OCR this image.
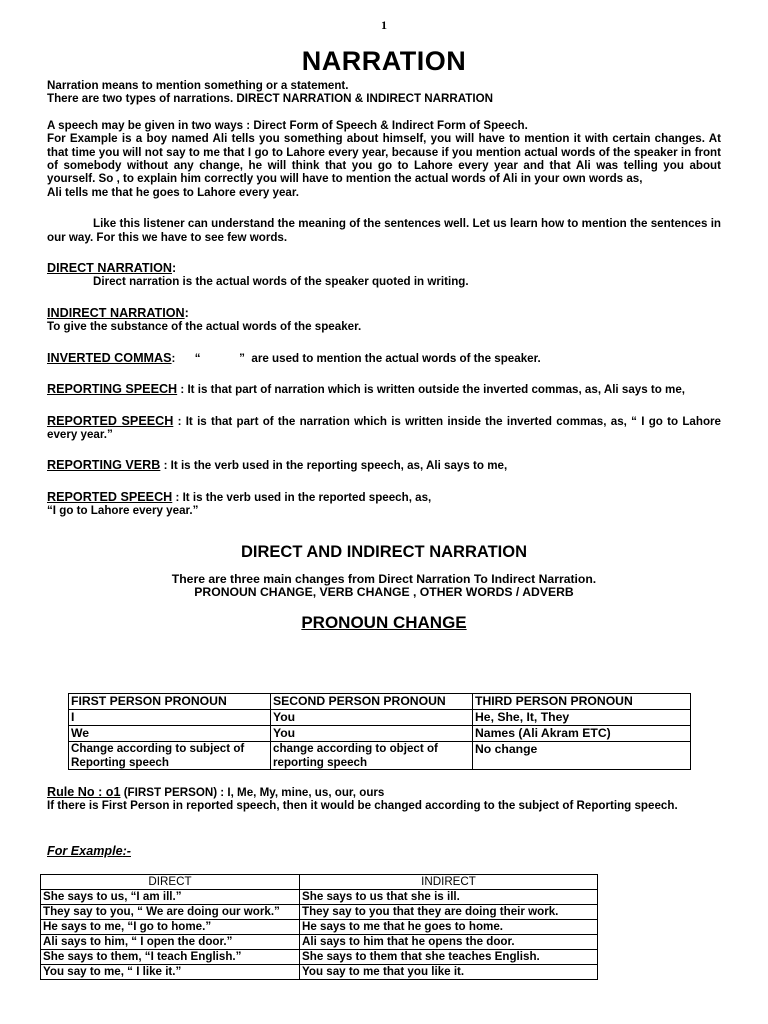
1
NARRATION

Narration means to mention something or a statement.

There are two types of narrations. DIRECT NARRATION & INDIRECT NARRATION

A speech may be given in two ways : Direct Form of Speech & Indirect Form of Speech.

For Example is a boy named Ali tells you something about himself, you will have to mention it with certain changes. At that time you will not say to me that I go to Lahore every year, because if you mention actual words of the speaker in front of somebody without any change, he will think that you go to Lahore every year and that Ali was telling you about yourself. So , to explain him correctly you will have to mention the actual words of Ali in your own words as,

Ali tells me that he goes to Lahore every year.

Like this listener can understand the meaning of the sentences well. Let us learn how to mention the sentences in our way. For this we have to see few words.

DIRECT NARRATION:

Direct narration is the actual words of the speaker quoted in writing.

INDIRECT NARRATION:

To give the substance of the actual words of the speaker.

INVERTED COMMAS:      “            ”  are used to mention the actual words of the speaker.

REPORTING SPEECH : It is that part of narration which is written outside the inverted commas, as, Ali says to me,

REPORTED SPEECH : It is that part of the narration which is written inside the inverted commas, as, “ I go to Lahore every year.”

REPORTING VERB : It is the verb used in the reporting speech, as, Ali says to me,

REPORTED SPEECH : It is the verb used in the reported speech, as,

“I go to Lahore every year.”

DIRECT AND INDIRECT NARRATION

There are three main changes from Direct Narration To Indirect Narration.

PRONOUN CHANGE, VERB CHANGE , OTHER WORDS / ADVERB

PRONOUN CHANGE

FIRST PERSON PRONOUN	SECOND PERSON PRONOUN	THIRD PERSON PRONOUN
I	You	He, She, It, They
We	You	Names (Ali Akram ETC)
Change according to subject of Reporting speech	change according to object of reporting speech	No change

Rule No : o1 (FIRST PERSON) : I, Me, My, mine, us, our, ours

If there is First Person in reported speech, then it would be changed according to the subject of Reporting speech.

For Example:-
DIRECT	INDIRECT
She says to us, “I am ill.”	She says to us that she is ill.
They say to you, “ We are doing our work.”	They say to you that they are doing their work.
He says to me, “I go to home.”	He says to me that he goes to home.
Ali says to him, “ I open the door.”	Ali says to him that he opens the door.
She says to them, “I teach English.”	She says to them that she teaches English.
You say to me, “ I like it.”	You say to me that you like it.
